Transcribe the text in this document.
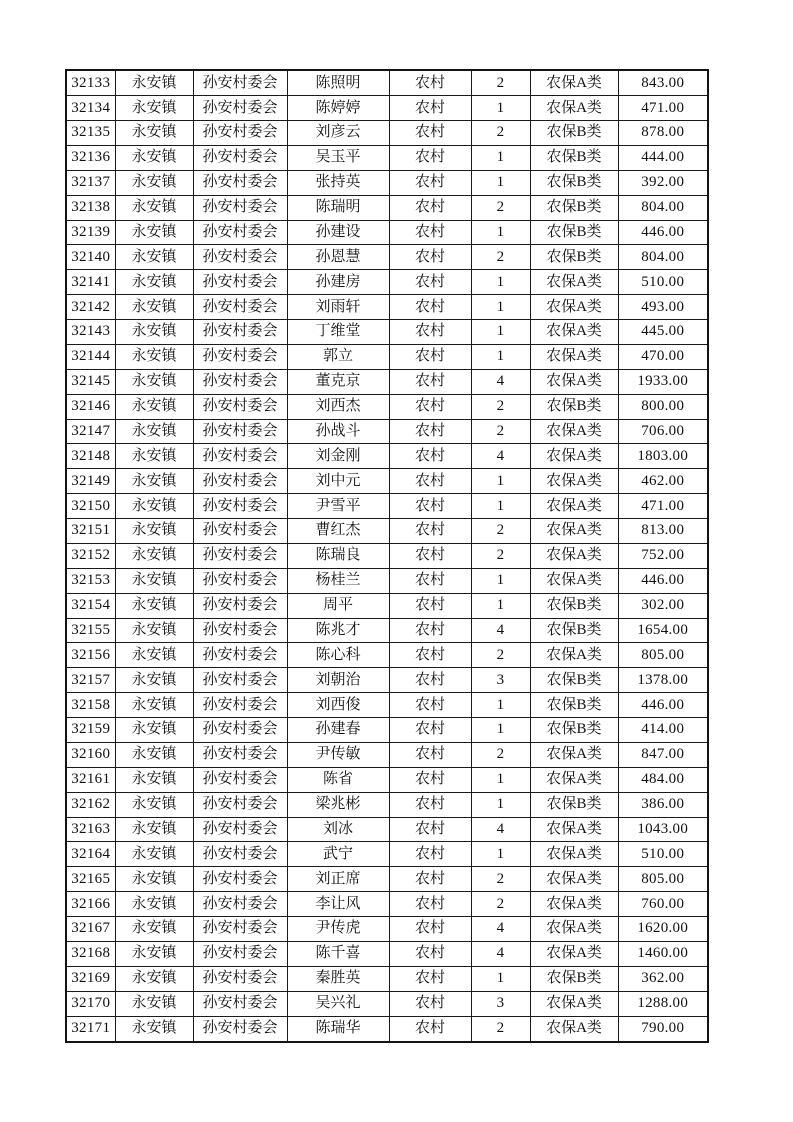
32133	永安镇	孙安村委会	陈照明	农村	2	农保A类	843.00
32134	永安镇	孙安村委会	陈婷婷	农村	1	农保A类	471.00
32135	永安镇	孙安村委会	刘彦云	农村	2	农保B类	878.00
32136	永安镇	孙安村委会	吴玉平	农村	1	农保B类	444.00
32137	永安镇	孙安村委会	张持英	农村	1	农保B类	392.00
32138	永安镇	孙安村委会	陈瑞明	农村	2	农保B类	804.00
32139	永安镇	孙安村委会	孙建设	农村	1	农保B类	446.00
32140	永安镇	孙安村委会	孙恩慧	农村	2	农保B类	804.00
32141	永安镇	孙安村委会	孙建房	农村	1	农保A类	510.00
32142	永安镇	孙安村委会	刘雨轩	农村	1	农保A类	493.00
32143	永安镇	孙安村委会	丁维堂	农村	1	农保A类	445.00
32144	永安镇	孙安村委会	郭立	农村	1	农保A类	470.00
32145	永安镇	孙安村委会	董克京	农村	4	农保A类	1933.00
32146	永安镇	孙安村委会	刘西杰	农村	2	农保B类	800.00
32147	永安镇	孙安村委会	孙战斗	农村	2	农保A类	706.00
32148	永安镇	孙安村委会	刘金刚	农村	4	农保A类	1803.00
32149	永安镇	孙安村委会	刘中元	农村	1	农保A类	462.00
32150	永安镇	孙安村委会	尹雪平	农村	1	农保A类	471.00
32151	永安镇	孙安村委会	曹红杰	农村	2	农保A类	813.00
32152	永安镇	孙安村委会	陈瑞良	农村	2	农保A类	752.00
32153	永安镇	孙安村委会	杨桂兰	农村	1	农保A类	446.00
32154	永安镇	孙安村委会	周平	农村	1	农保B类	302.00
32155	永安镇	孙安村委会	陈兆才	农村	4	农保B类	1654.00
32156	永安镇	孙安村委会	陈心科	农村	2	农保A类	805.00
32157	永安镇	孙安村委会	刘朝治	农村	3	农保B类	1378.00
32158	永安镇	孙安村委会	刘西俊	农村	1	农保B类	446.00
32159	永安镇	孙安村委会	孙建春	农村	1	农保B类	414.00
32160	永安镇	孙安村委会	尹传敏	农村	2	农保A类	847.00
32161	永安镇	孙安村委会	陈省	农村	1	农保A类	484.00
32162	永安镇	孙安村委会	梁兆彬	农村	1	农保B类	386.00
32163	永安镇	孙安村委会	刘冰	农村	4	农保A类	1043.00
32164	永安镇	孙安村委会	武宁	农村	1	农保A类	510.00
32165	永安镇	孙安村委会	刘正席	农村	2	农保A类	805.00
32166	永安镇	孙安村委会	李让风	农村	2	农保A类	760.00
32167	永安镇	孙安村委会	尹传虎	农村	4	农保A类	1620.00
32168	永安镇	孙安村委会	陈千喜	农村	4	农保A类	1460.00
32169	永安镇	孙安村委会	秦胜英	农村	1	农保B类	362.00
32170	永安镇	孙安村委会	吴兴礼	农村	3	农保A类	1288.00
32171	永安镇	孙安村委会	陈瑞华	农村	2	农保A类	790.00
